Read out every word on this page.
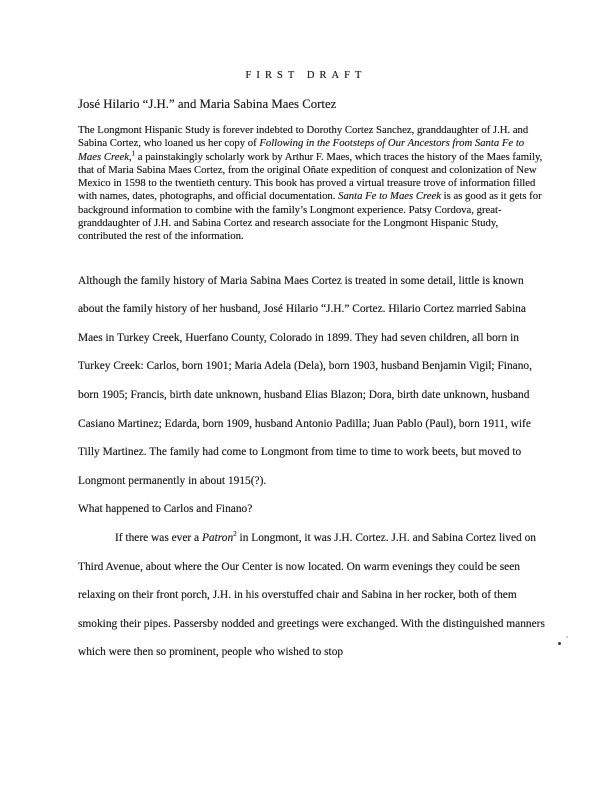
FIRST DRAFT
José Hilario “J.H.” and Maria Sabina Maes Cortez

The Longmont Hispanic Study is forever indebted to Dorothy Cortez Sanchez, granddaughter of J.H. and Sabina Cortez, who loaned us her copy of Following in the Footsteps of Our Ancestors from Santa Fe to Maes Creek,$^1$ a painstakingly scholarly work by Arthur F. Maes, which traces the history of the Maes family, that of Maria Sabina Maes Cortez, from the original Oñate expedition of conquest and colonization of New Mexico in 1598 to the twentieth century. This book has proved a virtual treasure trove of information filled with names, dates, photographs, and official documentation. Santa Fe to Maes Creek is as good as it gets for background information to combine with the family’s Longmont experience. Patsy Cordova, great-granddaughter of J.H. and Sabina Cortez and research associate for the Longmont Hispanic Study, contributed the rest of the information.

Although the family history of Maria Sabina Maes Cortez is treated in some detail, little is known about the family history of her husband, José Hilario “J.H.” Cortez. Hilario Cortez married Sabina Maes in Turkey Creek, Huerfano County, Colorado in 1899. They had seven children, all born in Turkey Creek: Carlos, born 1901; Maria Adela (Dela), born 1903, husband Benjamin Vigil; Finano, born 1905; Francis, birth date unknown, husband Elias Blazon; Dora, birth date unknown, husband Casiano Martinez; Edarda, born 1909, husband Antonio Padilla; Juan Pablo (Paul), born 1911, wife Tilly Martinez. The family had come to Longmont from time to time to work beets, but moved to Longmont permanently in about 1915(?).

What happened to Carlos and Finano?

If there was ever a Patron$^2$ in Longmont, it was J.H. Cortez. J.H. and Sabina Cortez lived on Third Avenue, about where the Our Center is now located. On warm evenings they could be seen relaxing on their front porch, J.H. in his overstuffed chair and Sabina in her rocker, both of them smoking their pipes. Passersby nodded and greetings were exchanged. With the distinguished manners which were then so prominent, people who wished to stop
